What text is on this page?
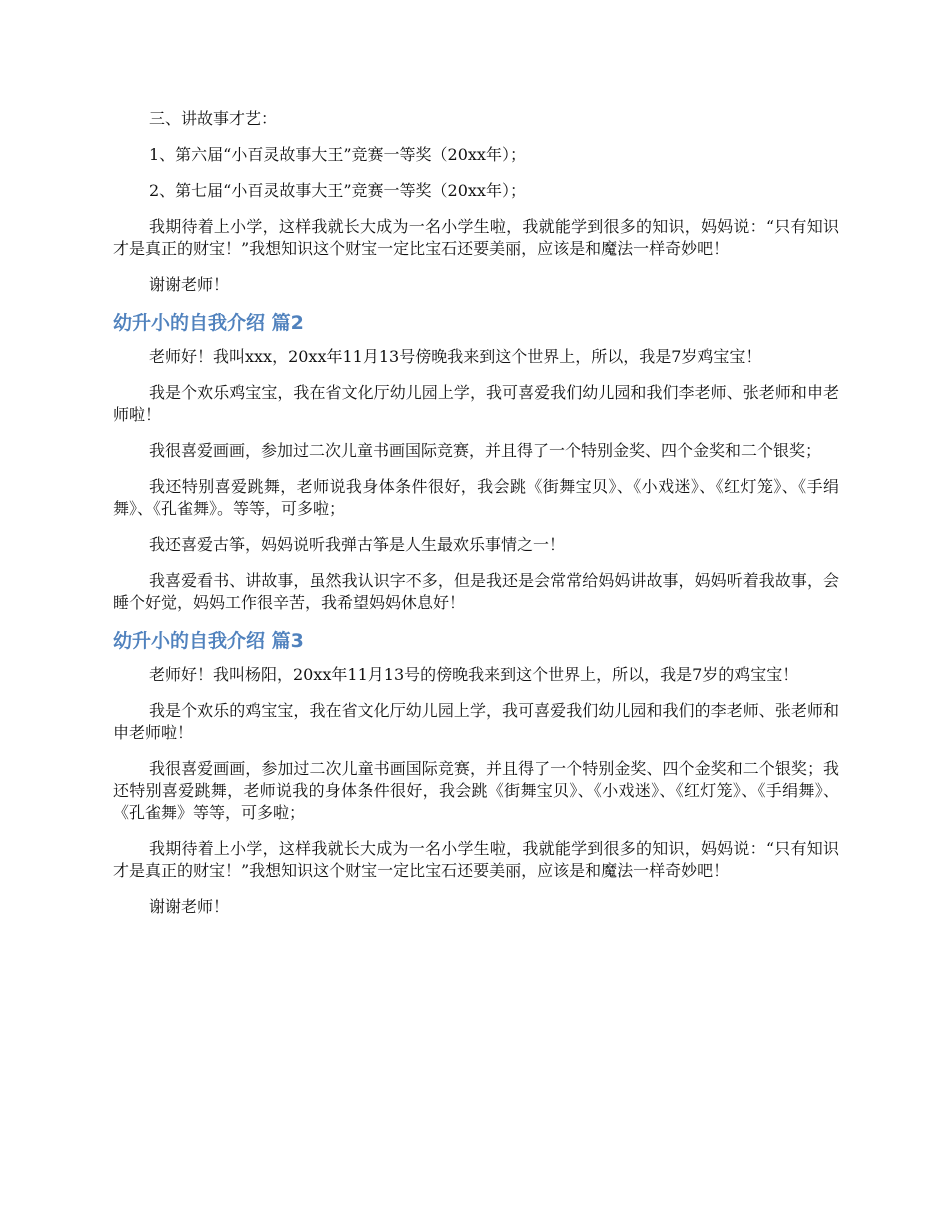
三、讲故事才艺：

1、第六届“小百灵故事大王”竞赛一等奖（20xx年）；

2、第七届“小百灵故事大王”竞赛一等奖（20xx年）；

我期待着上小学，这样我就长大成为一名小学生啦，我就能学到很多的知识，妈妈说：“只有知识才是真正的财宝！”我想知识这个财宝一定比宝石还要美丽，应该是和魔法一样奇妙吧！

谢谢老师！

幼升小的自我介绍 篇2

老师好！我叫xxx，20xx年11月13号傍晚我来到这个世界上，所以，我是7岁鸡宝宝！

我是个欢乐鸡宝宝，我在省文化厅幼儿园上学，我可喜爱我们幼儿园和我们李老师、张老师和申老师啦！

我很喜爱画画，参加过二次儿童书画国际竞赛，并且得了一个特别金奖、四个金奖和二个银奖；

我还特别喜爱跳舞，老师说我身体条件很好，我会跳《街舞宝贝》、《小戏迷》、《红灯笼》、《手绢舞》、《孔雀舞》。等等，可多啦；

我还喜爱古筝，妈妈说听我弹古筝是人生最欢乐事情之一！

我喜爱看书、讲故事，虽然我认识字不多，但是我还是会常常给妈妈讲故事，妈妈听着我故事，会睡个好觉，妈妈工作很辛苦，我希望妈妈休息好！

幼升小的自我介绍 篇3

老师好！我叫杨阳，20xx年11月13号的傍晚我来到这个世界上，所以，我是7岁的鸡宝宝！

我是个欢乐的鸡宝宝，我在省文化厅幼儿园上学，我可喜爱我们幼儿园和我们的李老师、张老师和申老师啦！

我很喜爱画画，参加过二次儿童书画国际竞赛，并且得了一个特别金奖、四个金奖和二个银奖；我还特别喜爱跳舞，老师说我的身体条件很好，我会跳《街舞宝贝》、《小戏迷》、《红灯笼》、《手绢舞》、《孔雀舞》等等，可多啦；

我期待着上小学，这样我就长大成为一名小学生啦，我就能学到很多的知识，妈妈说：“只有知识才是真正的财宝！”我想知识这个财宝一定比宝石还要美丽，应该是和魔法一样奇妙吧！

谢谢老师！
